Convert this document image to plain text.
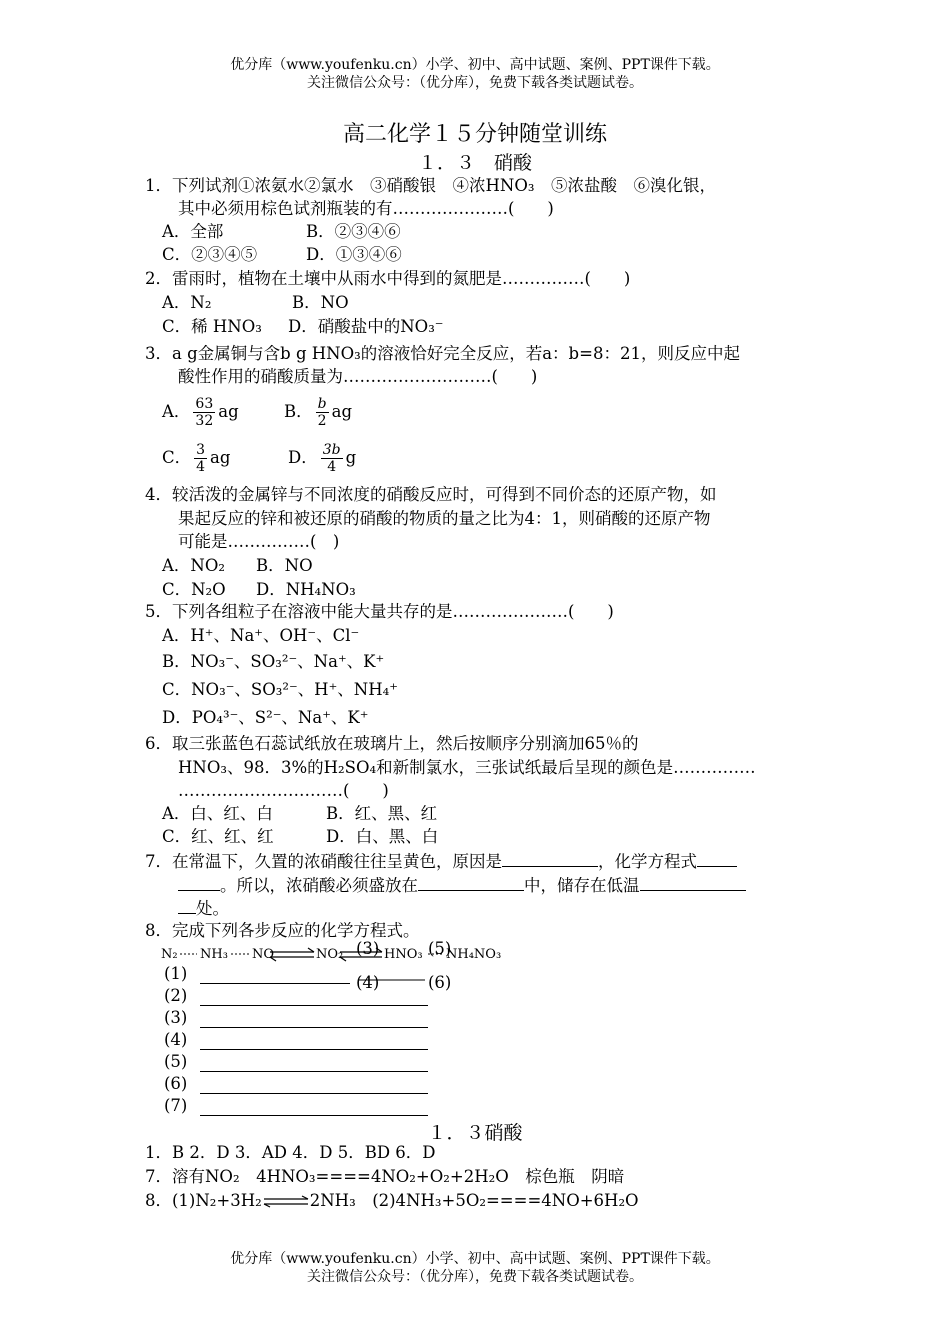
优分库（www.youfenku.cn）小学、初中、高中试题、案例、PPT课件下载。
关注微信公众号：（优分库），免费下载各类试题试卷。
高二化学１５分钟随堂训练
１．３　硝酸
1．下列试剂①浓氨水②氯水　③硝酸银　④浓HNO₃　⑤浓盐酸　⑥溴化银，
其中必须用棕色试剂瓶装的有…………………(　　)
A．全部	B．②③④⑥
C．②③④⑤	D．①③④⑥
2．雷雨时，植物在土壤中从雨水中得到的氮肥是……………(　　)
A．N₂	B．NO
C．稀 HNO₃ D．硝酸盐中的NO₃⁻
3．a g金属铜与含b g HNO₃的溶液恰好完全反应，若a：b=8：21，则反应中起
酸性作用的硝酸质量为………………………(　　)
A． $\frac{63}{32}$ ag	B． $\frac{b}{2}$ ag
C． $\frac{3}{4}$ ag	D． $\frac{3b}{4}$ g
4．较活泼的金属锌与不同浓度的硝酸反应时，可得到不同价态的还原产物，如
果起反应的锌和被还原的硝酸的物质的量之比为4：1，则硝酸的还原产物
可能是……………(　)
A．NO₂ B．NO
C．N₂O D．NH₄NO₃
5．下列各组粒子在溶液中能大量共存的是…………………(　　)
A．H⁺、Na⁺、OH⁻、Cl⁻
B．NO₃⁻、SO₃²⁻、Na⁺、K⁺
C．NO₃⁻、SO₃²⁻、H⁺、NH₄⁺
D．PO₄³⁻、S²⁻、Na⁺、K⁺
6．取三张蓝色石蕊试纸放在玻璃片上，然后按顺序分别滴加65％的
HNO₃、98．3%的H₂SO₄和新制氯水，三张试纸最后呈现的颜色是……………
…………………………(　　)
A．白、红、白	B．红、黑、红
C．红、红、红	D．白、黑、白
7．在常温下，久置的浓硝酸往往呈黄色，原因是	，化学方程式
。所以，浓硝酸必须盛放在	中，储存在低温
处。
8．完成下列各步反应的化学方程式。
N₂ NH₃ NO	NO₂	HNO₃ NH₄NO₃
(3)	(5)
(4)	(6)
(1)
(2)
(3)
(4)
(5)
(6)
(7)
１．３硝酸
1．B 2．D 3．AD 4．D 5．BD 6．D
7．溶有NO₂　4HNO₃====4NO₂+O₂+2H₂O　棕色瓶　阴暗
8．(1)N₂+3H₂⇌2NH₃　(2)4NH₃+5O₂====4NO+6H₂O
优分库（www.youfenku.cn）小学、初中、高中试题、案例、PPT课件下载。
关注微信公众号：（优分库），免费下载各类试题试卷。
